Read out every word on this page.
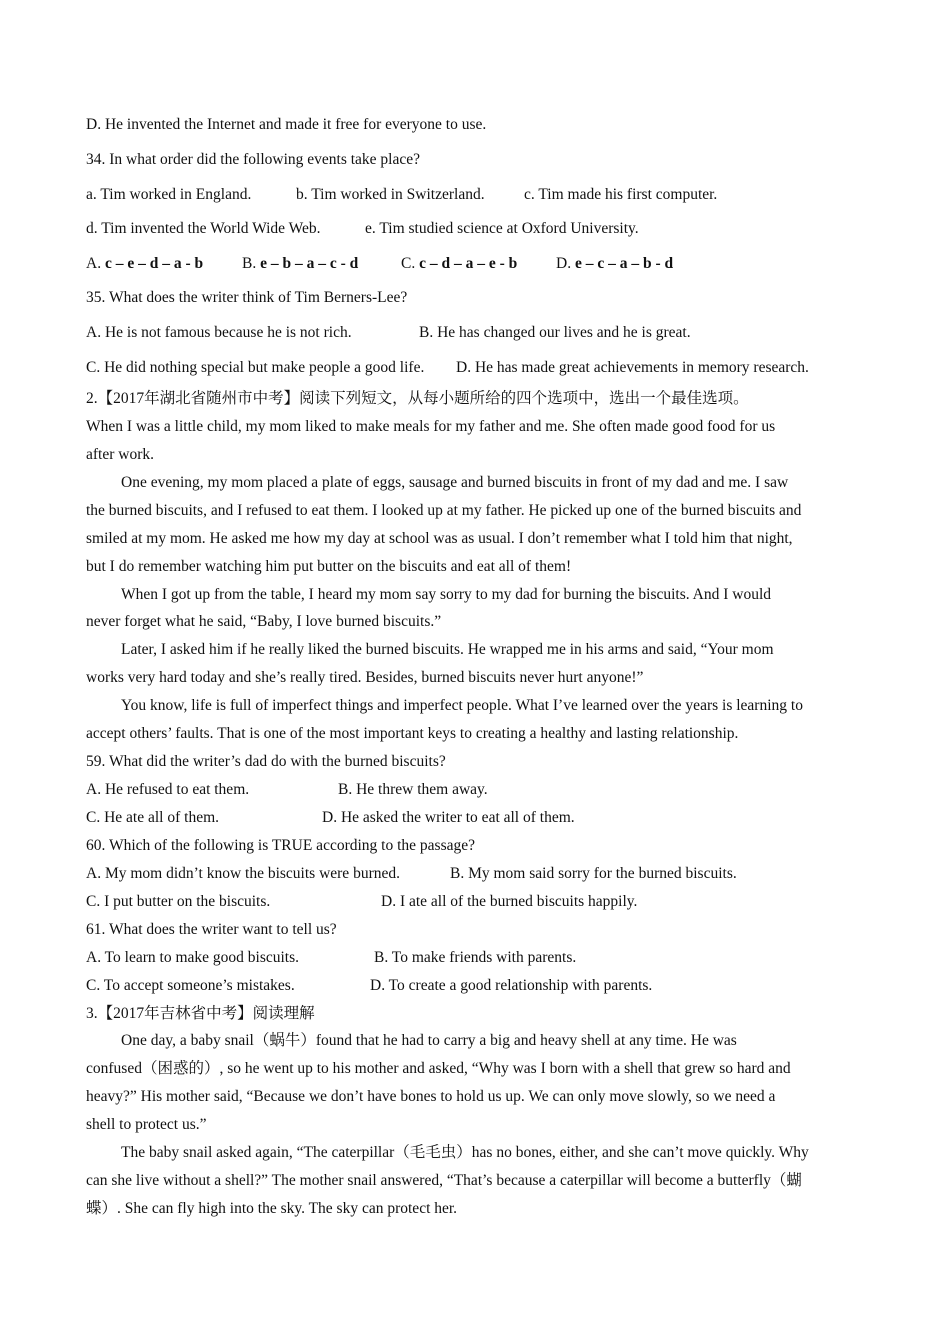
D. He invented the Internet and made it free for everyone to use.
34. In what order did the following events take place?
a. Tim worked in England.	b. Tim worked in Switzerland.	c. Tim made his first computer.
d. Tim invented the World Wide Web.	e. Tim studied science at Oxford University.
A. c – e – d – a - b	B. e – b – a – c - d	C. c – d – a – e - b D. e – c – a – b - d
35. What does the writer think of Tim Berners-Lee?
A. He is not famous because he is not rich.	B. He has changed our lives and he is great.
C. He did nothing special but make people a good life. D. He has made great achievements in memory research.
2.【2017年湖北省随州市中考】阅读下列短文，从每小题所给的四个选项中，选出一个最佳选项。
When I was a little child, my mom liked to make meals for my father and me. She often made good food for us
after work.
One evening, my mom placed a plate of eggs, sausage and burned biscuits in front of my dad and me. I saw
the burned biscuits, and I refused to eat them. I looked up at my father. He picked up one of the burned biscuits and
smiled at my mom. He asked me how my day at school was as usual. I don’t remember what I told him that night,
but I do remember watching him put butter on the biscuits and eat all of them!
When I got up from the table, I heard my mom say sorry to my dad for burning the biscuits. And I would
never forget what he said, “Baby, I love burned biscuits.”
Later, I asked him if he really liked the burned biscuits. He wrapped me in his arms and said, “Your mom
works very hard today and she’s really tired. Besides, burned biscuits never hurt anyone!”
You know, life is full of imperfect things and imperfect people. What I’ve learned over the years is learning to
accept others’ faults. That is one of the most important keys to creating a healthy and lasting relationship.
59. What did the writer’s dad do with the burned biscuits?
A. He refused to eat them.	B. He threw them away.
C. He ate all of them.	D. He asked the writer to eat all of them.
60. Which of the following is TRUE according to the passage?
A. My mom didn’t know the biscuits were burned.	B. My mom said sorry for the burned biscuits.
C. I put butter on the biscuits.	D. I ate all of the burned biscuits happily.
61. What does the writer want to tell us?
A. To learn to make good biscuits.	B. To make friends with parents.
C. To accept someone’s mistakes.	D. To create a good relationship with parents.
3.【2017年吉林省中考】阅读理解
One day, a baby snail（蜗牛）found that he had to carry a big and heavy shell at any time. He was
confused（困惑的）, so he went up to his mother and asked, “Why was I born with a shell that grew so hard and
heavy?” His mother said, “Because we don’t have bones to hold us up. We can only move slowly, so we need a
shell to protect us.”
The baby snail asked again, “The caterpillar（毛毛虫）has no bones, either, and she can’t move quickly. Why
can she live without a shell?” The mother snail answered, “That’s because a caterpillar will become a butterfly（蝴
蝶）. She can fly high into the sky. The sky can protect her.
